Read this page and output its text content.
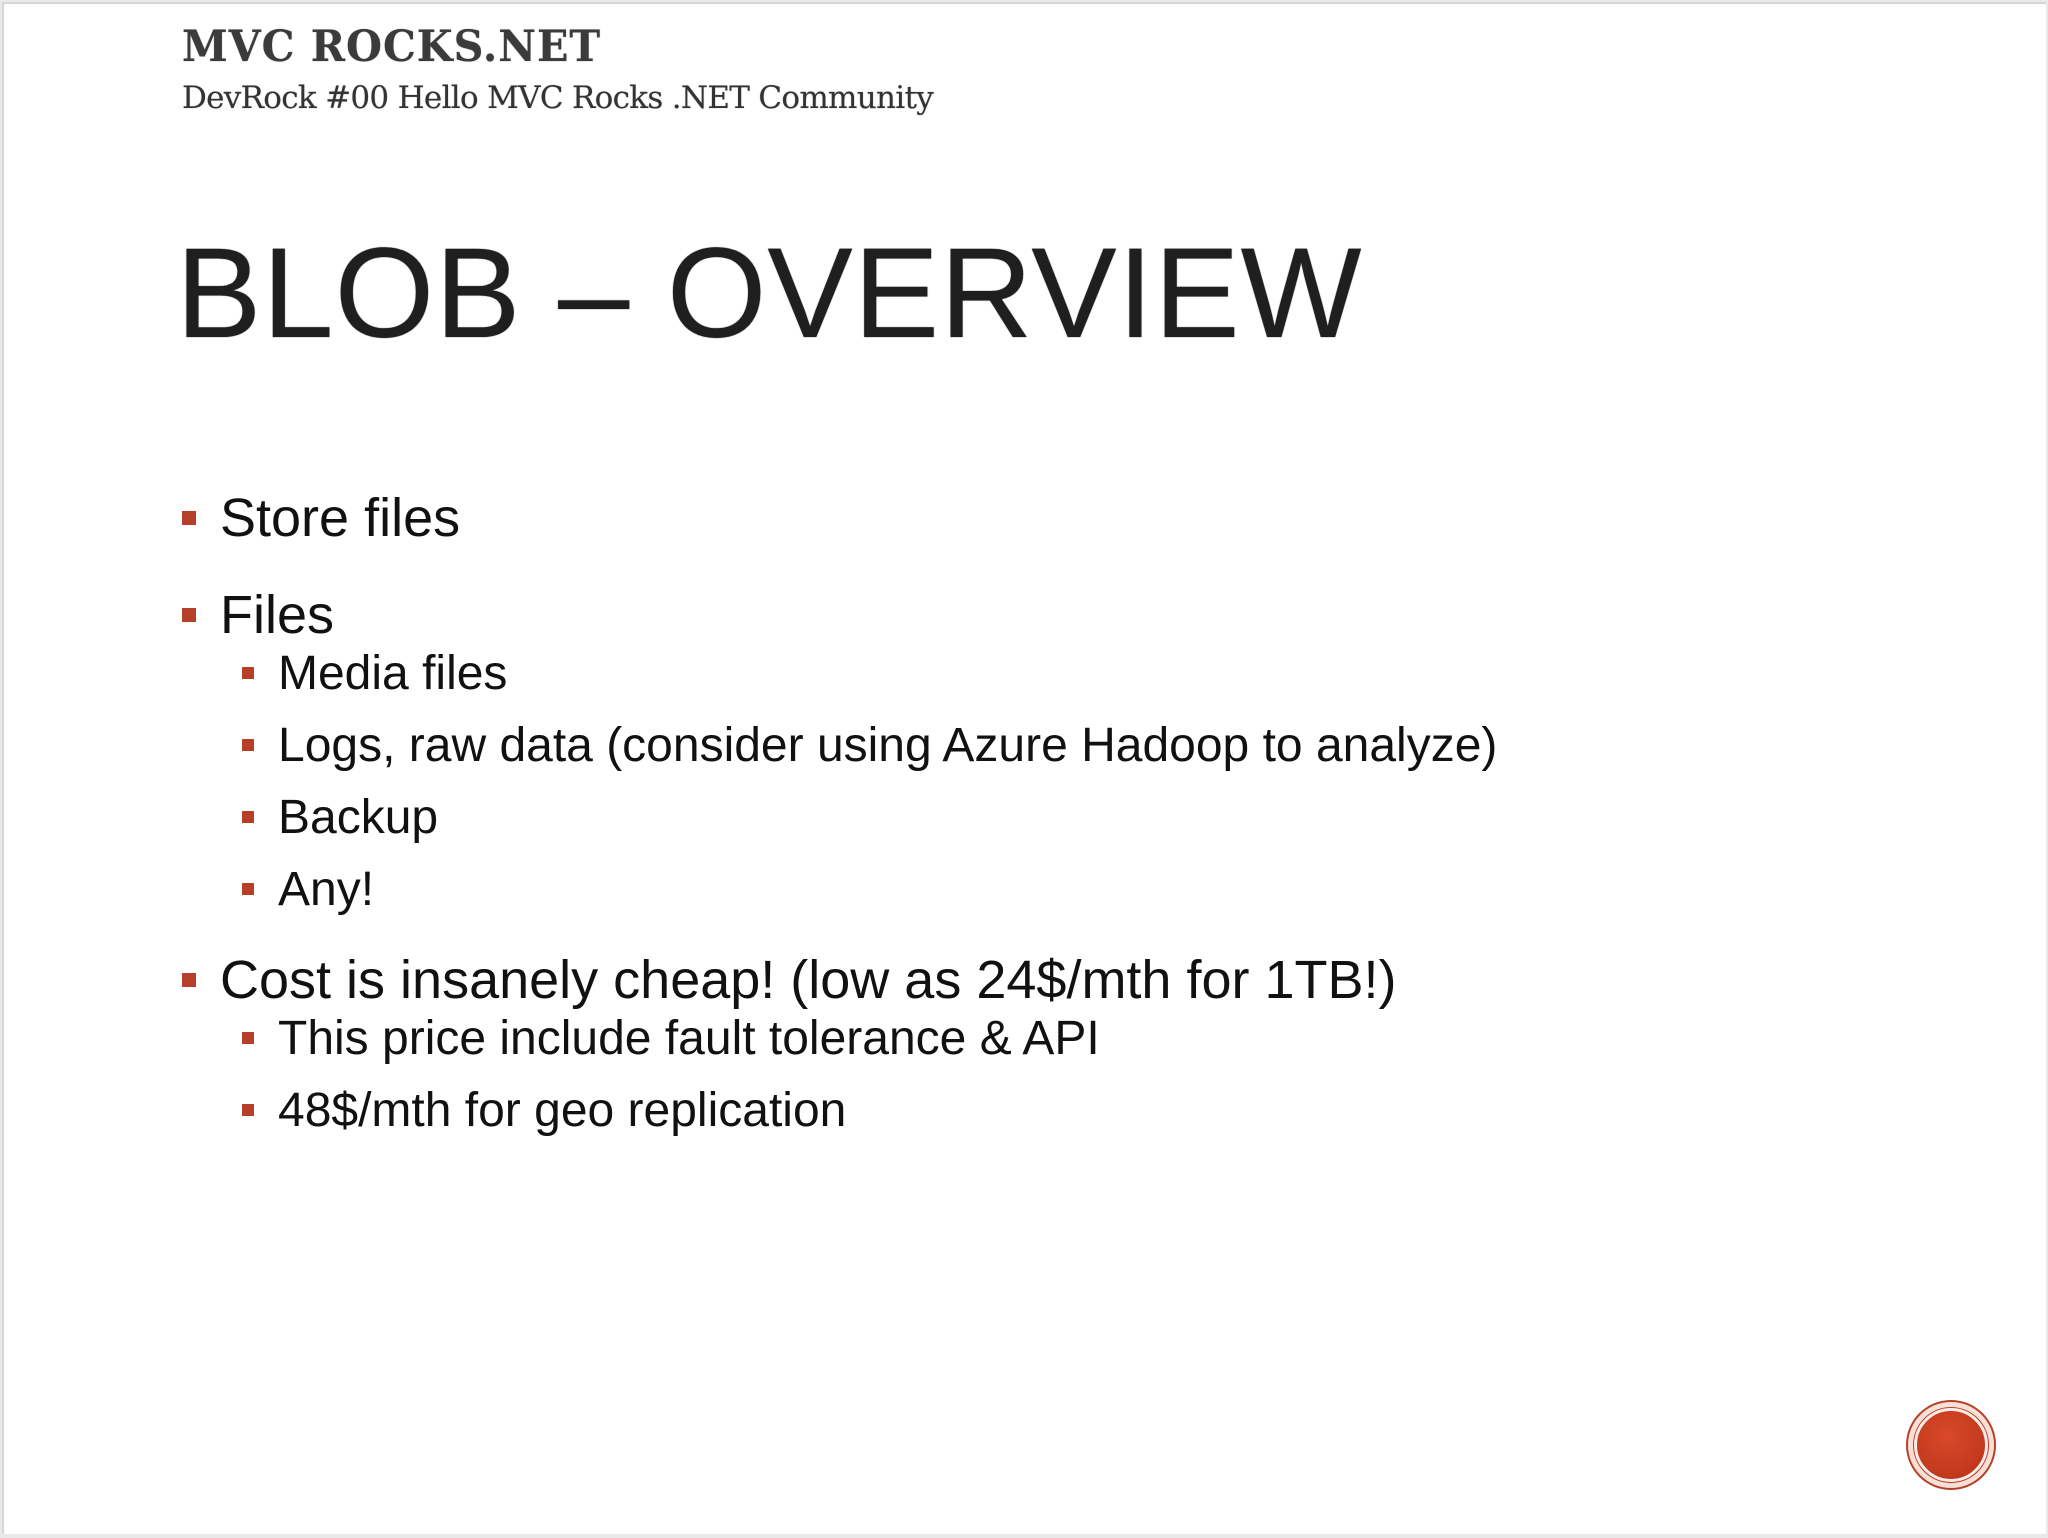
MVC ROCKS.NET
DevRock #00 Hello MVC Rocks .NET Community
BLOB – OVERVIEW
Store files
Files
Media files
Logs, raw data (consider using Azure Hadoop to analyze)
Backup
Any!
Cost is insanely cheap! (low as 24$/mth for 1TB!)
This price include fault tolerance & API
48$/mth for geo replication
